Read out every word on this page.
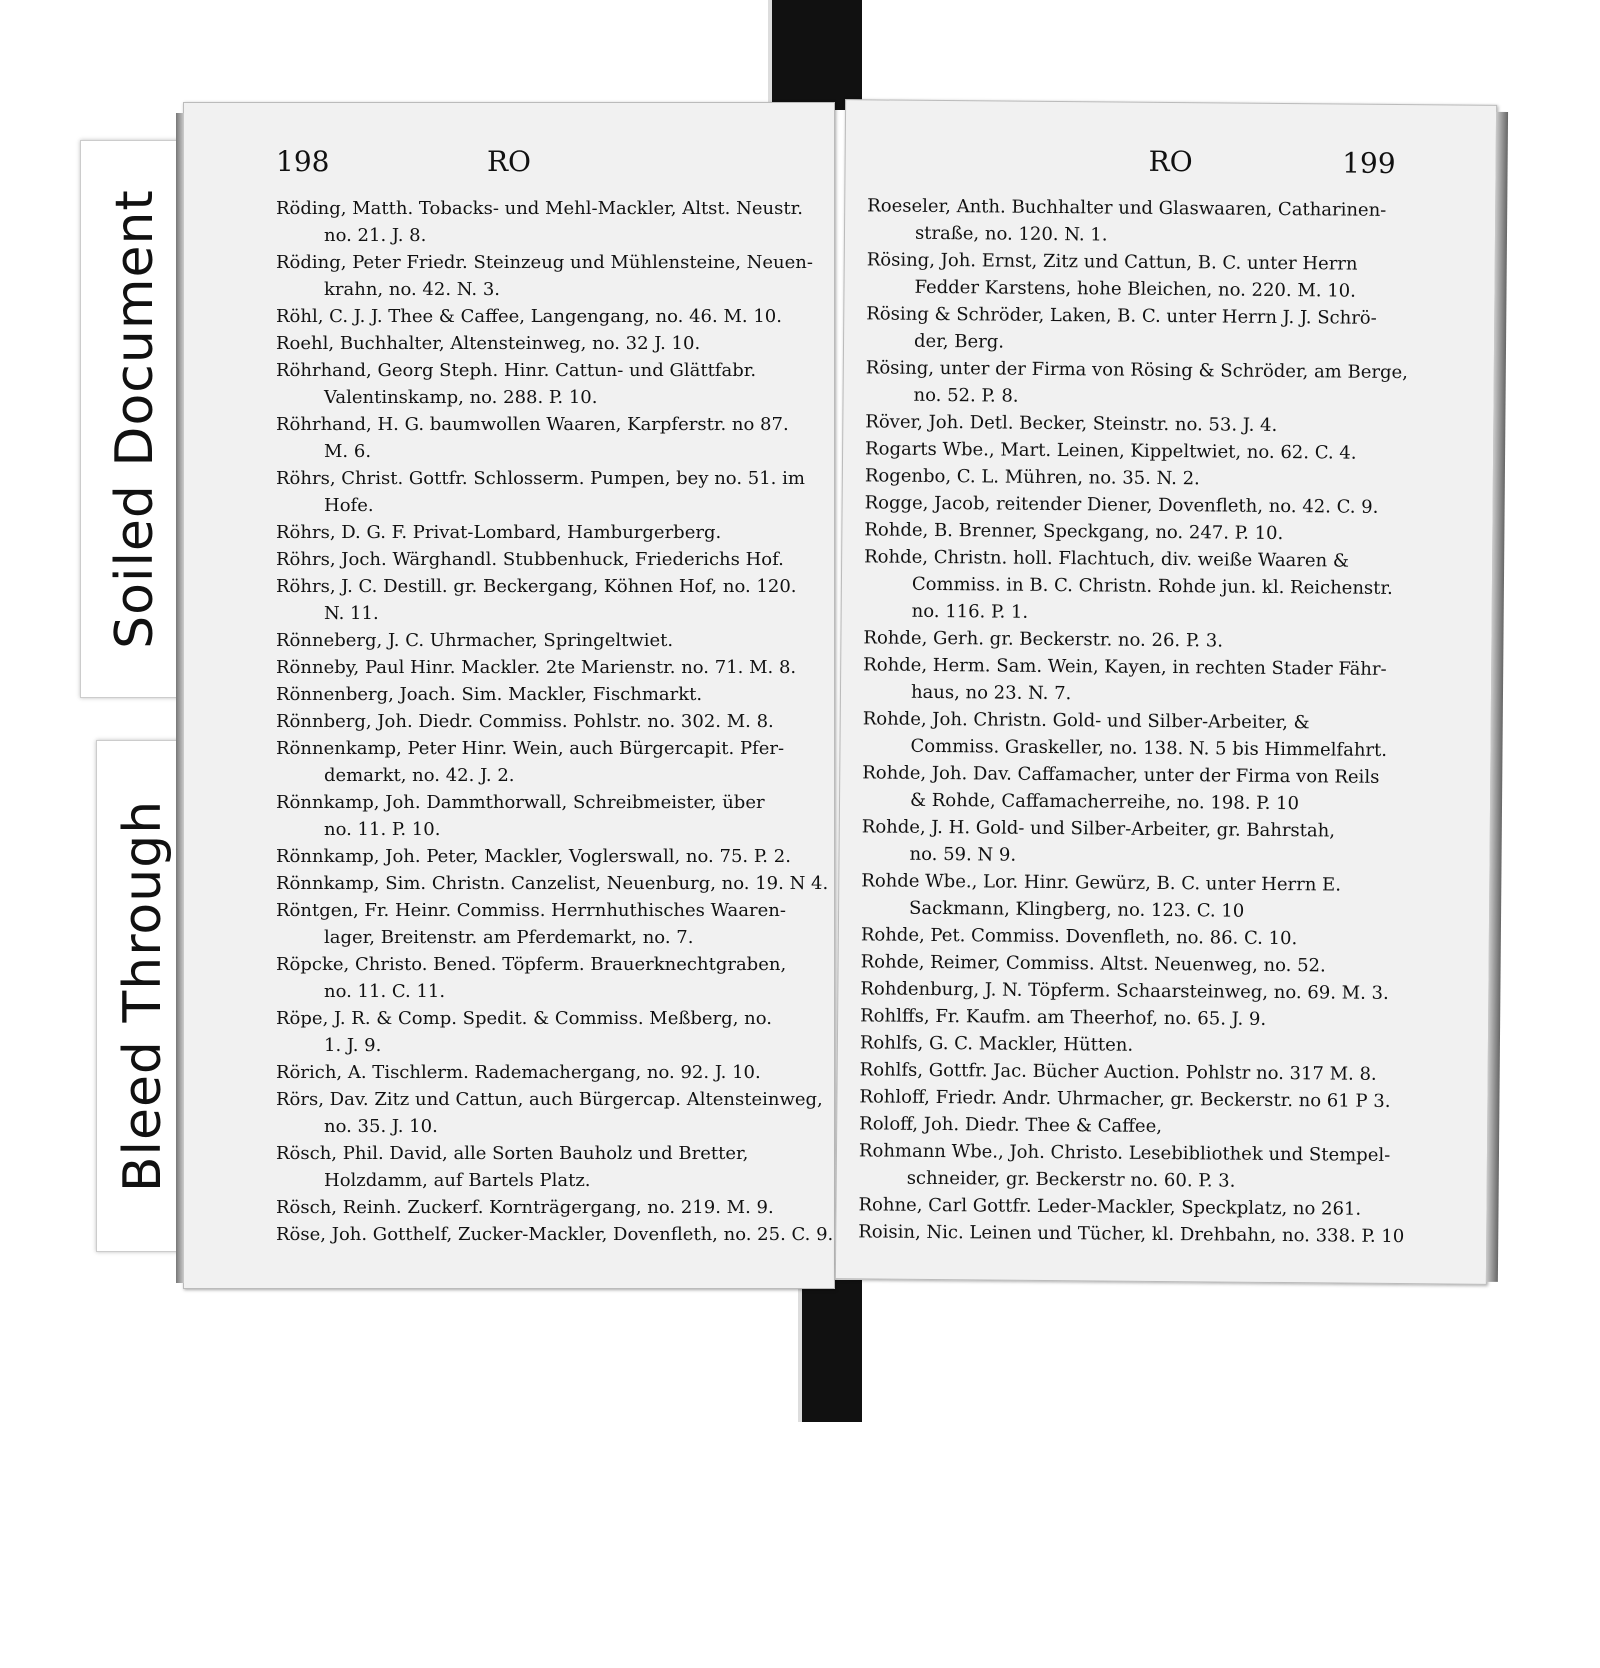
Soiled Document
Bleed Through
198	RO
Röding, Matth. Tobacks- und Mehl-Mackler, Altst. Neustr.
no. 21. J. 8.
Röding, Peter Friedr. Steinzeug und Mühlensteine, Neuen-
krahn, no. 42. N. 3.
Röhl, C. J. J. Thee & Caffee, Langengang, no. 46. M. 10.
Roehl, Buchhalter, Altensteinweg, no. 32 J. 10.
Röhrhand, Georg Steph. Hinr. Cattun- und Glättfabr.
Valentinskamp, no. 288. P. 10.
Röhrhand, H. G. baumwollen Waaren, Karpferstr. no 87.
M. 6.
Röhrs, Christ. Gottfr. Schlosserm. Pumpen, bey no. 51. im
Hofe.
Röhrs, D. G. F. Privat-Lombard, Hamburgerberg.
Röhrs, Joch. Wärghandl. Stubbenhuck, Friederichs Hof.
Röhrs, J. C. Destill. gr. Beckergang, Köhnen Hof, no. 120.
N. 11.
Rönneberg, J. C. Uhrmacher, Springeltwiet.
Rönneby, Paul Hinr. Mackler. 2te Marienstr. no. 71. M. 8.
Rönnenberg, Joach. Sim. Mackler, Fischmarkt.
Rönnberg, Joh. Diedr. Commiss. Pohlstr. no. 302. M. 8.
Rönnenkamp, Peter Hinr. Wein, auch Bürgercapit. Pfer-
demarkt, no. 42. J. 2.
Rönnkamp, Joh. Dammthorwall, Schreibmeister, über
no. 11. P. 10.
Rönnkamp, Joh. Peter, Mackler, Voglerswall, no. 75. P. 2.
Rönnkamp, Sim. Christn. Canzelist, Neuenburg, no. 19. N 4.
Röntgen, Fr. Heinr. Commiss. Herrnhuthisches Waaren-
lager, Breitenstr. am Pferdemarkt, no. 7.
Röpcke, Christo. Bened. Töpferm. Brauerknechtgraben,
no. 11. C. 11.
Röpe, J. R. & Comp. Spedit. & Commiss. Meßberg, no.
1. J. 9.
Rörich, A. Tischlerm. Rademachergang, no. 92. J. 10.
Rörs, Dav. Zitz und Cattun, auch Bürgercap. Altensteinweg,
no. 35. J. 10.
Rösch, Phil. David, alle Sorten Bauholz und Bretter,
Holzdamm, auf Bartels Platz.
Rösch, Reinh. Zuckerf. Kornträgergang, no. 219. M. 9.
Röse, Joh. Gotthelf, Zucker-Mackler, Dovenfleth, no. 25. C. 9.
RO	199
Roeseler, Anth. Buchhalter und Glaswaaren, Catharinen-
straße, no. 120. N. 1.
Rösing, Joh. Ernst, Zitz und Cattun, B. C. unter Herrn
Fedder Karstens, hohe Bleichen, no. 220. M. 10.
Rösing & Schröder, Laken, B. C. unter Herrn J. J. Schrö-
der, Berg.
Rösing, unter der Firma von Rösing & Schröder, am Berge,
no. 52. P. 8.
Röver, Joh. Detl. Becker, Steinstr. no. 53. J. 4.
Rogarts Wbe., Mart. Leinen, Kippeltwiet, no. 62. C. 4.
Rogenbo, C. L. Mühren, no. 35. N. 2.
Rogge, Jacob, reitender Diener, Dovenfleth, no. 42. C. 9.
Rohde, B. Brenner, Speckgang, no. 247. P. 10.
Rohde, Christn. holl. Flachtuch, div. weiße Waaren &
Commiss. in B. C. Christn. Rohde jun. kl. Reichenstr.
no. 116. P. 1.
Rohde, Gerh. gr. Beckerstr. no. 26. P. 3.
Rohde, Herm. Sam. Wein, Kayen, in rechten Stader Fähr-
haus, no 23. N. 7.
Rohde, Joh. Christn. Gold- und Silber-Arbeiter, &
Commiss. Graskeller, no. 138. N. 5 bis Himmelfahrt.
Rohde, Joh. Dav. Caffamacher, unter der Firma von Reils
& Rohde, Caffamacherreihe, no. 198. P. 10
Rohde, J. H. Gold- und Silber-Arbeiter, gr. Bahrstah,
no. 59. N 9.
Rohde Wbe., Lor. Hinr. Gewürz, B. C. unter Herrn E.
Sackmann, Klingberg, no. 123. C. 10
Rohde, Pet. Commiss. Dovenfleth, no. 86. C. 10.
Rohde, Reimer, Commiss. Altst. Neuenweg, no. 52.
Rohdenburg, J. N. Töpferm. Schaarsteinweg, no. 69. M. 3.
Rohlffs, Fr. Kaufm. am Theerhof, no. 65. J. 9.
Rohlfs, G. C. Mackler, Hütten.
Rohlfs, Gottfr. Jac. Bücher Auction. Pohlstr no. 317 M. 8.
Rohloff, Friedr. Andr. Uhrmacher, gr. Beckerstr. no 61 P 3.
Roloff, Joh. Diedr. Thee & Caffee,
Rohmann Wbe., Joh. Christo. Lesebibliothek und Stempel-
schneider, gr. Beckerstr no. 60. P. 3.
Rohne, Carl Gottfr. Leder-Mackler, Speckplatz, no 261.
Roisin, Nic. Leinen und Tücher, kl. Drehbahn, no. 338. P. 10
